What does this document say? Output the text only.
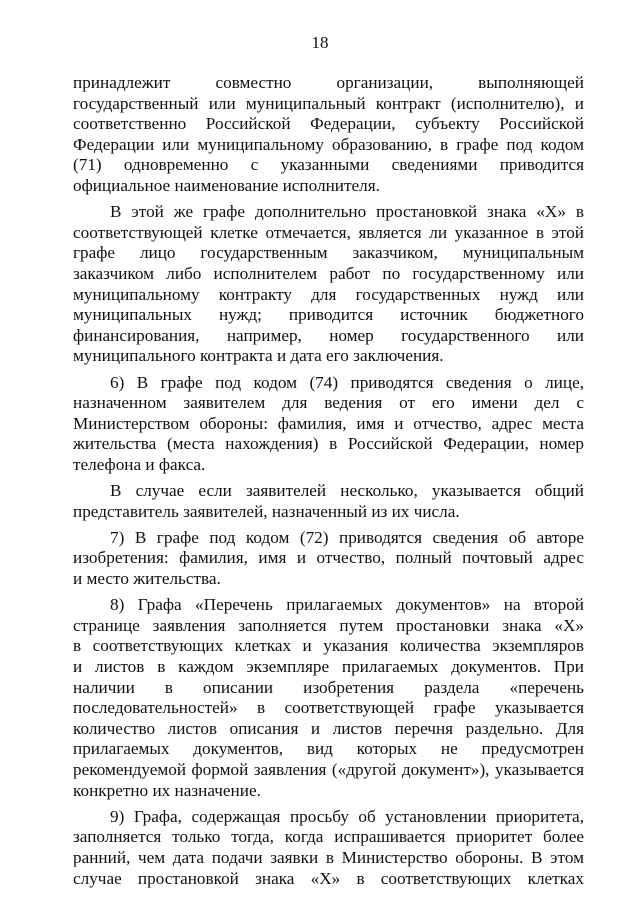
18
принадлежит совместно организации, выполняющей
государственный или муниципальный контракт (исполнителю), и
соответственно Российской Федерации, субъекту Российской
Федерации или муниципальному образованию, в графе под кодом
(71) одновременно с указанными сведениями приводится
официальное наименование исполнителя.
В этой же графе дополнительно простановкой знака «Х» в
соответствующей клетке отмечается, является ли указанное в этой
графе лицо государственным заказчиком, муниципальным
заказчиком либо исполнителем работ по государственному или
муниципальному контракту для государственных нужд или
муниципальных нужд; приводится источник бюджетного
финансирования, например, номер государственного или
муниципального контракта и дата его заключения.
6) В графе под кодом (74) приводятся сведения о лице,
назначенном заявителем для ведения от его имени дел с
Министерством обороны: фамилия, имя и отчество, адрес места
жительства (места нахождения) в Российской Федерации, номер
телефона и факса.
В случае если заявителей несколько, указывается общий
представитель заявителей, назначенный из их числа.
7) В графе под кодом (72) приводятся сведения об авторе
изобретения: фамилия, имя и отчество, полный почтовый адрес
и место жительства.
8) Графа «Перечень прилагаемых документов» на второй
странице заявления заполняется путем простановки знака «Х»
в соответствующих клетках и указания количества экземпляров
и листов в каждом экземпляре прилагаемых документов. При
наличии в описании изобретения раздела «перечень
последовательностей» в соответствующей графе указывается
количество листов описания и листов перечня раздельно. Для
прилагаемых документов, вид которых не предусмотрен
рекомендуемой формой заявления («другой документ»), указывается
конкретно их назначение.
9) Графа, содержащая просьбу об установлении приоритета,
заполняется только тогда, когда испрашивается приоритет более
ранний, чем дата подачи заявки в Министерство обороны. В этом
случае простановкой знака «Х» в соответствующих клетках
